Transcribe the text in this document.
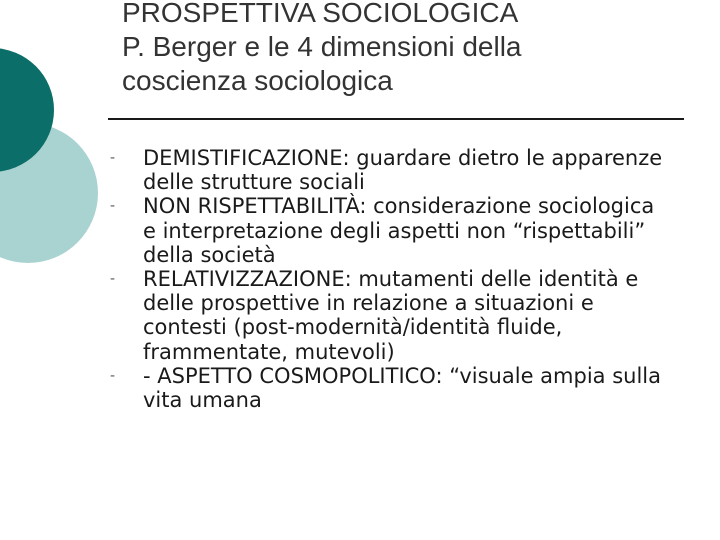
PROSPETTIVA SOCIOLOGICA
P. Berger e le 4 dimensioni della
coscienza sociologica
- DEMISTIFICAZIONE: guardare dietro le apparenze delle strutture sociali
- NON RISPETTABILITÀ: considerazione sociologica e interpretazione degli aspetti non “rispettabili” della società
- RELATIVIZZAZIONE: mutamenti delle identità e delle prospettive in relazione a situazioni e contesti (post-modernità/identità fluide, frammentate, mutevoli)
- - ASPETTO COSMOPOLITICO: “visuale ampia sulla vita umana
